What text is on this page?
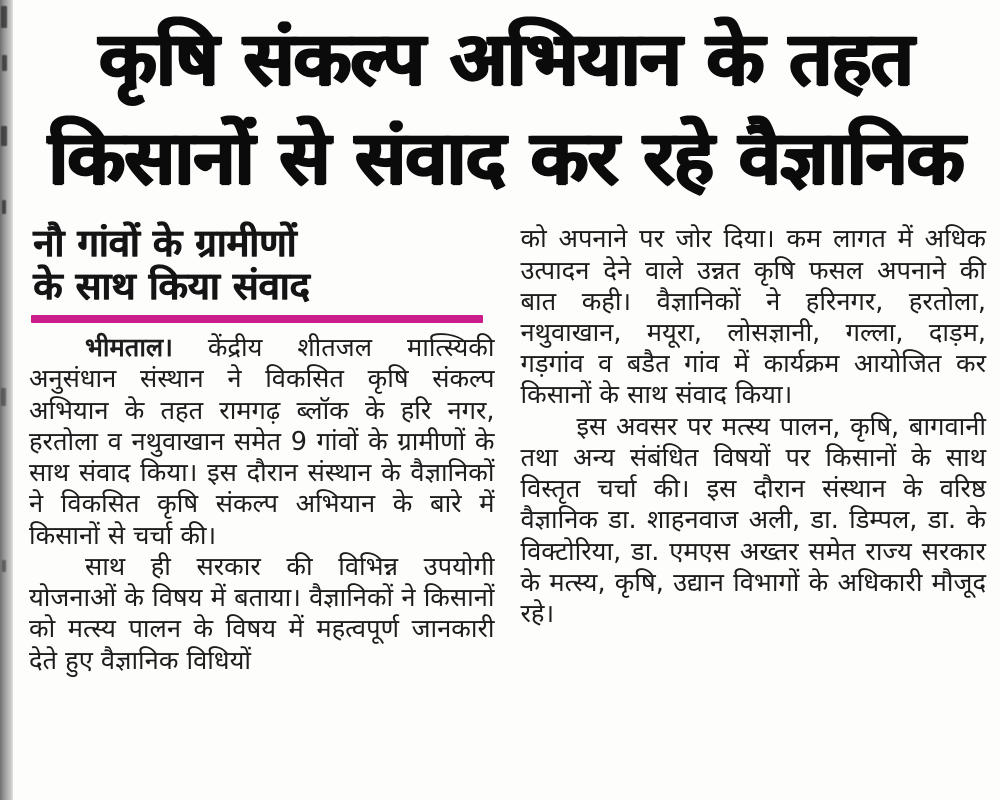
कृषि संकल्प अभियान के तहत
किसानों से संवाद कर रहे वैज्ञानिक
नौ गांवों के ग्रामीणों
के साथ किया संवाद

भीमताल। केंद्रीय शीतजल मात्स्यिकी अनुसंधान संस्थान ने विकसित कृषि संकल्प अभियान के तहत रामगढ़ ब्लॉक के हरि नगर, हरतोला व नथुवाखान समेत 9 गांवों के ग्रामीणों के साथ संवाद किया। इस दौरान संस्थान के वैज्ञानिकों ने विकसित कृषि संकल्प अभियान के बारे में किसानों से चर्चा की।

साथ ही सरकार की विभिन्न उपयोगी योजनाओं के विषय में बताया। वैज्ञानिकों ने किसानों को मत्स्य पालन के विषय में महत्वपूर्ण जानकारी देते हुए वैज्ञानिक विधियों

को अपनाने पर जोर दिया। कम लागत में अधिक उत्पादन देने वाले उन्नत कृषि फसल अपनाने की बात कही। वैज्ञानिकों ने हरिनगर, हरतोला, नथुवाखान, मयूरा, लोसज्ञानी, गल्ला, दाड़म, गड़गांव व बडैत गांव में कार्यक्रम आयोजित कर किसानों के साथ संवाद किया।

इस अवसर पर मत्स्य पालन, कृषि, बागवानी तथा अन्य संबंधित विषयों पर किसानों के साथ विस्तृत चर्चा की। इस दौरान संस्थान के वरिष्ठ वैज्ञानिक डा. शाहनवाज अली, डा. डिम्पल, डा. के विक्टोरिया, डा. एमएस अख्तर समेत राज्य सरकार के मत्स्य, कृषि, उद्यान विभागों के अधिकारी मौजूद रहे।
